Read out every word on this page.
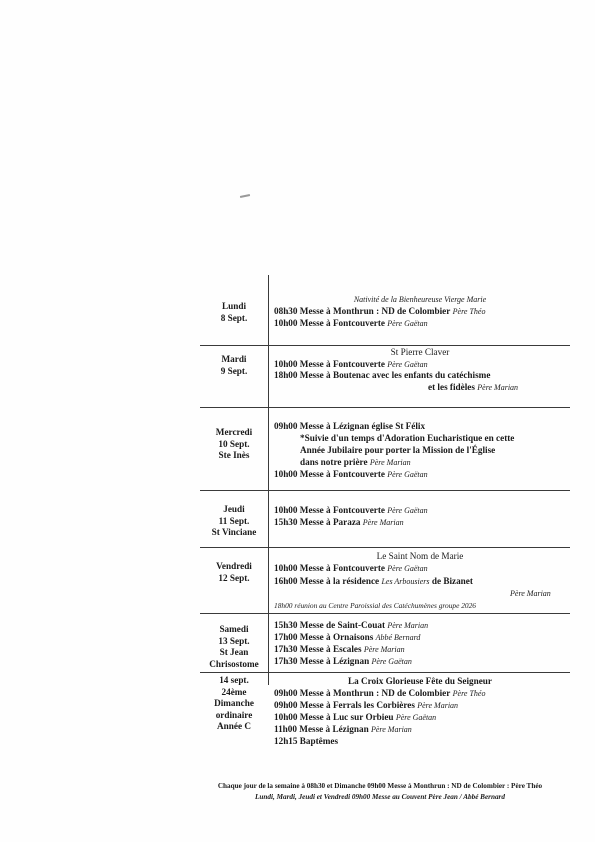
Lundi
8 Sept.
Nativité de la Bienheureuse Vierge Marie
08h30 Messe à Monthrun : ND de Colombier Père Théo
10h00 Messe à Fontcouverte Père Gaëtan
Mardi
9 Sept.
St Pierre Claver
10h00 Messe à Fontcouverte Père Gaëtan
18h00 Messe à Boutenac avec les enfants du catéchisme
et les fidèles Père Marian
Mercredi
10 Sept.
Ste Inès
09h00 Messe à Lézignan église St Félix
*Suivie d'un temps d'Adoration Eucharistique en cette
Année Jubilaire pour porter la Mission de l'Église
dans notre prière Père Marian
10h00 Messe à Fontcouverte Père Gaëtan
Jeudi
11 Sept.
St Vinciane
10h00 Messe à Fontcouverte Père Gaëtan
15h30 Messe à Paraza Père Marian
Vendredi
12 Sept.
Le Saint Nom de Marie
10h00 Messe à Fontcouverte Père Gaëtan
16h00 Messe à la résidence Les Arbousiers de Bizanet
Père Marian
18h00 réunion au Centre Paroissial des Catéchumènes groupe 2026
Samedi
13 Sept.
St Jean
Chrisostome
15h30 Messe de Saint-Couat Père Marian
17h00 Messe à Ornaisons Abbé Bernard
17h30 Messe à Escales Père Marian
17h30 Messe à Lézignan Père Gaëtan
14 sept.
24ème
Dimanche
ordinaire
Année C
La Croix Glorieuse Fête du Seigneur
09h00 Messe à Monthrun : ND de Colombier Père Théo
09h00 Messe à Ferrals les Corbières Père Marian
10h00 Messe à Luc sur Orbieu Père Gaëtan
11h00 Messe à Lézignan Père Marian
12h15 Baptêmes
Chaque jour de la semaine à 08h30 et Dimanche 09h00 Messe à Monthrun : ND de Colombier : Père Théo
Lundi, Mardi, Jeudi et Vendredi 09h00 Messe au Couvent Père Jean / Abbé Bernard
